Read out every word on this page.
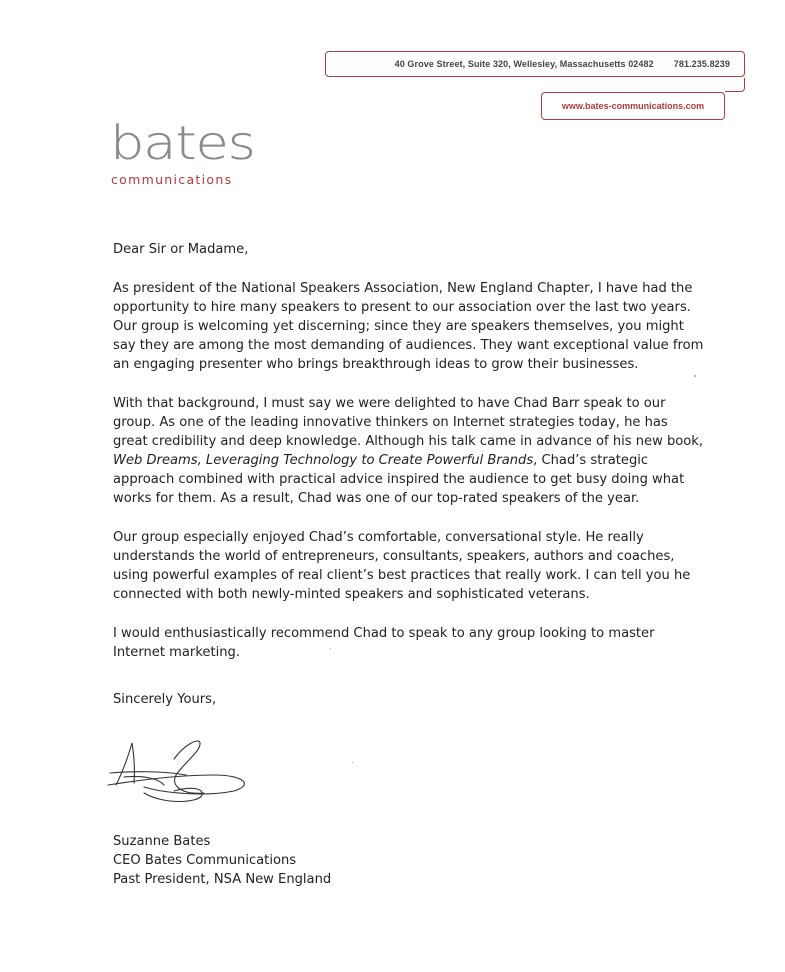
40 Grove Street, Suite 320, Wellesley, Massachusetts 02482 781.235.8239
www.bates-communications.com
bates
communications

Dear Sir or Madame,

As president of the National Speakers Association, New England Chapter, I have had the opportunity to hire many speakers to present to our association over the last two years. Our group is welcoming yet discerning; since they are speakers themselves, you might say they are among the most demanding of audiences. They want exceptional value from an engaging presenter who brings breakthrough ideas to grow their businesses.

With that background, I must say we were delighted to have Chad Barr speak to our group. As one of the leading innovative thinkers on Internet strategies today, he has great credibility and deep knowledge. Although his talk came in advance of his new book, Web Dreams, Leveraging Technology to Create Powerful Brands, Chad’s strategic approach combined with practical advice inspired the audience to get busy doing what works for them. As a result, Chad was one of our top-rated speakers of the year.

Our group especially enjoyed Chad’s comfortable, conversational style. He really understands the world of entrepreneurs, consultants, speakers, authors and coaches, using powerful examples of real client’s best practices that really work. I can tell you he connected with both newly-minted speakers and sophisticated veterans.

I would enthusiastically recommend Chad to speak to any group looking to master Internet marketing.

Sincerely Yours,

Suzanne Bates
CEO Bates Communications
Past President, NSA New England
